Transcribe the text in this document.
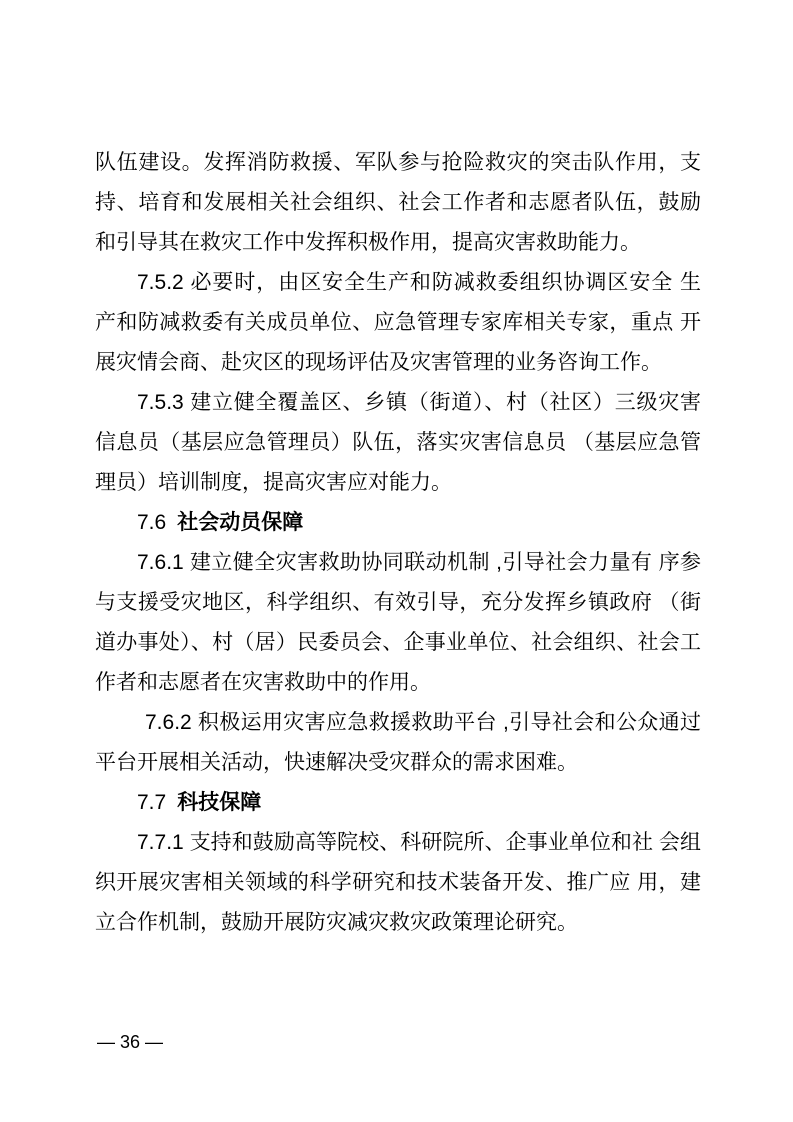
队伍建设。发挥消防救援、军队参与抢险救灾的突击队作用，支
持、培育和发展相关社会组织、社会工作者和志愿者队伍，鼓励
和引导其在救灾工作中发挥积极作用，提高灾害救助能力。
7.5.2 必要时，由区安全生产和防减救委组织协调区安全 生
产和防减救委有关成员单位、应急管理专家库相关专家，重点 开
展灾情会商、赴灾区的现场评估及灾害管理的业务咨询工作。
7.5.3 建立健全覆盖区、乡镇（街道）、村（社区）三级灾害
信息员（基层应急管理员）队伍，落实灾害信息员 （基层应急管
理员）培训制度，提高灾害应对能力。
7.6 社会动员保障
7.6.1 建立健全灾害救助协同联动机制 ,引导社会力量有 序参
与支援受灾地区，科学组织、有效引导，充分发挥乡镇政府 （街
道办事处）、村（居）民委员会、企事业单位、社会组织、社会工
作者和志愿者在灾害救助中的作用。
7.6.2 积极运用灾害应急救援救助平台 ,引导社会和公众通过
平台开展相关活动，快速解决受灾群众的需求困难。
7.7 科技保障
7.7.1 支持和鼓励高等院校、科研院所、企事业单位和社 会组
织开展灾害相关领域的科学研究和技术装备开发、推广应 用，建
立合作机制，鼓励开展防灾减灾救灾政策理论研究。
— 36 —
